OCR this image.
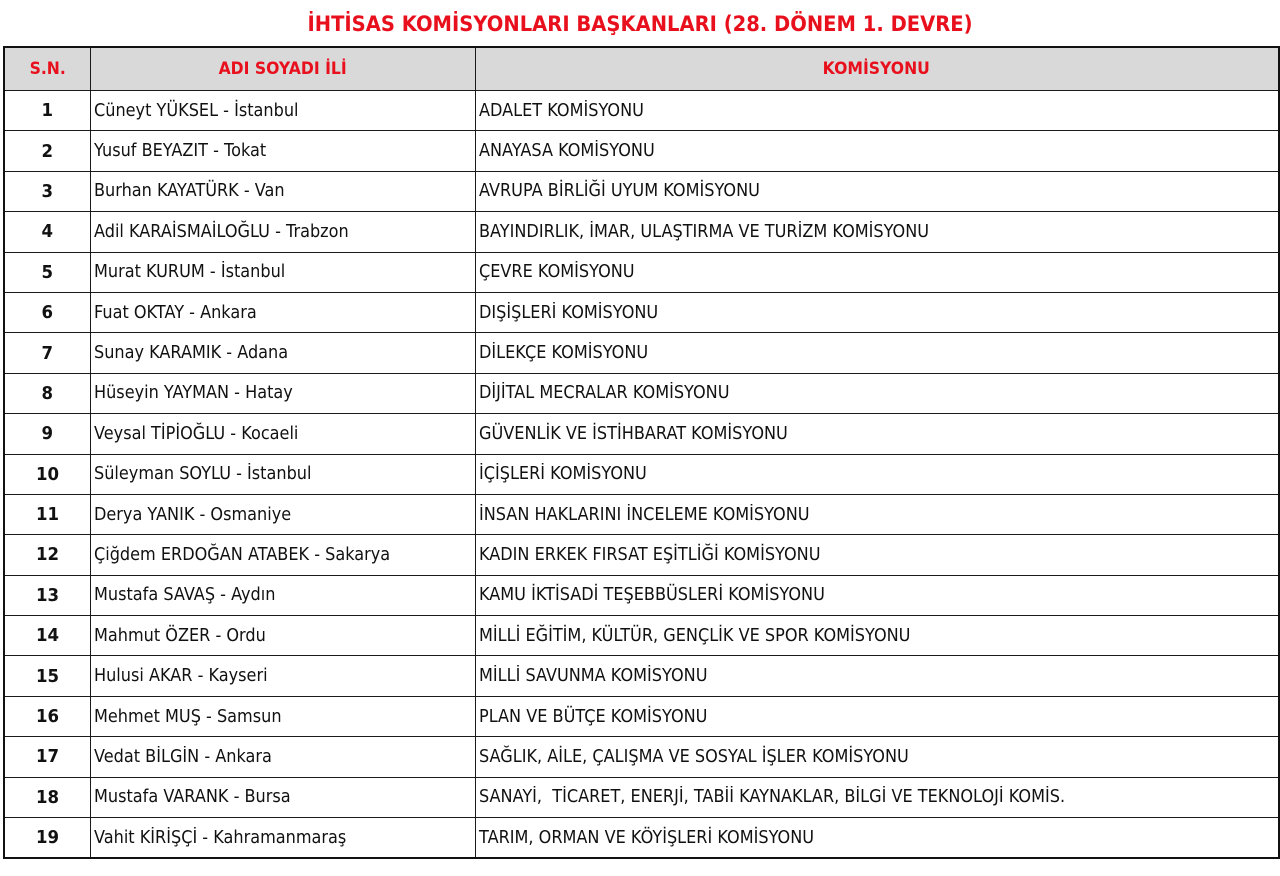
İHTİSAS KOMİSYONLARI BAŞKANLARI (28. DÖNEM 1. DEVRE)
S.N.	ADI SOYADI İLİ	KOMİSYONU
1	Cüneyt YÜKSEL - İstanbul	ADALET KOMİSYONU
2	Yusuf BEYAZIT - Tokat	ANAYASA KOMİSYONU
3	Burhan KAYATÜRK - Van	AVRUPA BİRLİĞİ UYUM KOMİSYONU
4	Adil KARAİSMAİLOĞLU - Trabzon	BAYINDIRLIK, İMAR, ULAŞTIRMA VE TURİZM KOMİSYONU
5	Murat KURUM - İstanbul	ÇEVRE KOMİSYONU
6	Fuat OKTAY - Ankara	DIŞİŞLERİ KOMİSYONU
7	Sunay KARAMIK - Adana	DİLEKÇE KOMİSYONU
8	Hüseyin YAYMAN - Hatay	DİJİTAL MECRALAR KOMİSYONU
9	Veysal TİPİOĞLU - Kocaeli	GÜVENLİK VE İSTİHBARAT KOMİSYONU
10	Süleyman SOYLU - İstanbul	İÇİŞLERİ KOMİSYONU
11	Derya YANIK - Osmaniye	İNSAN HAKLARINI İNCELEME KOMİSYONU
12	Çiğdem ERDOĞAN ATABEK - Sakarya	KADIN ERKEK FIRSAT EŞİTLİĞİ KOMİSYONU
13	Mustafa SAVAŞ - Aydın	KAMU İKTİSADİ TEŞEBBÜSLERİ KOMİSYONU
14	Mahmut ÖZER - Ordu	MİLLİ EĞİTİM, KÜLTÜR, GENÇLİK VE SPOR KOMİSYONU
15	Hulusi AKAR - Kayseri	MİLLİ SAVUNMA KOMİSYONU
16	Mehmet MUŞ - Samsun	PLAN VE BÜTÇE KOMİSYONU
17	Vedat BİLGİN - Ankara	SAĞLIK, AİLE, ÇALIŞMA VE SOSYAL İŞLER KOMİSYONU
18	Mustafa VARANK - Bursa	SANAYİ,  TİCARET, ENERJİ, TABİİ KAYNAKLAR, BİLGİ VE TEKNOLOJİ KOMİS.
19	Vahit KİRİŞÇİ - Kahramanmaraş	TARIM, ORMAN VE KÖYİŞLERİ KOMİSYONU
